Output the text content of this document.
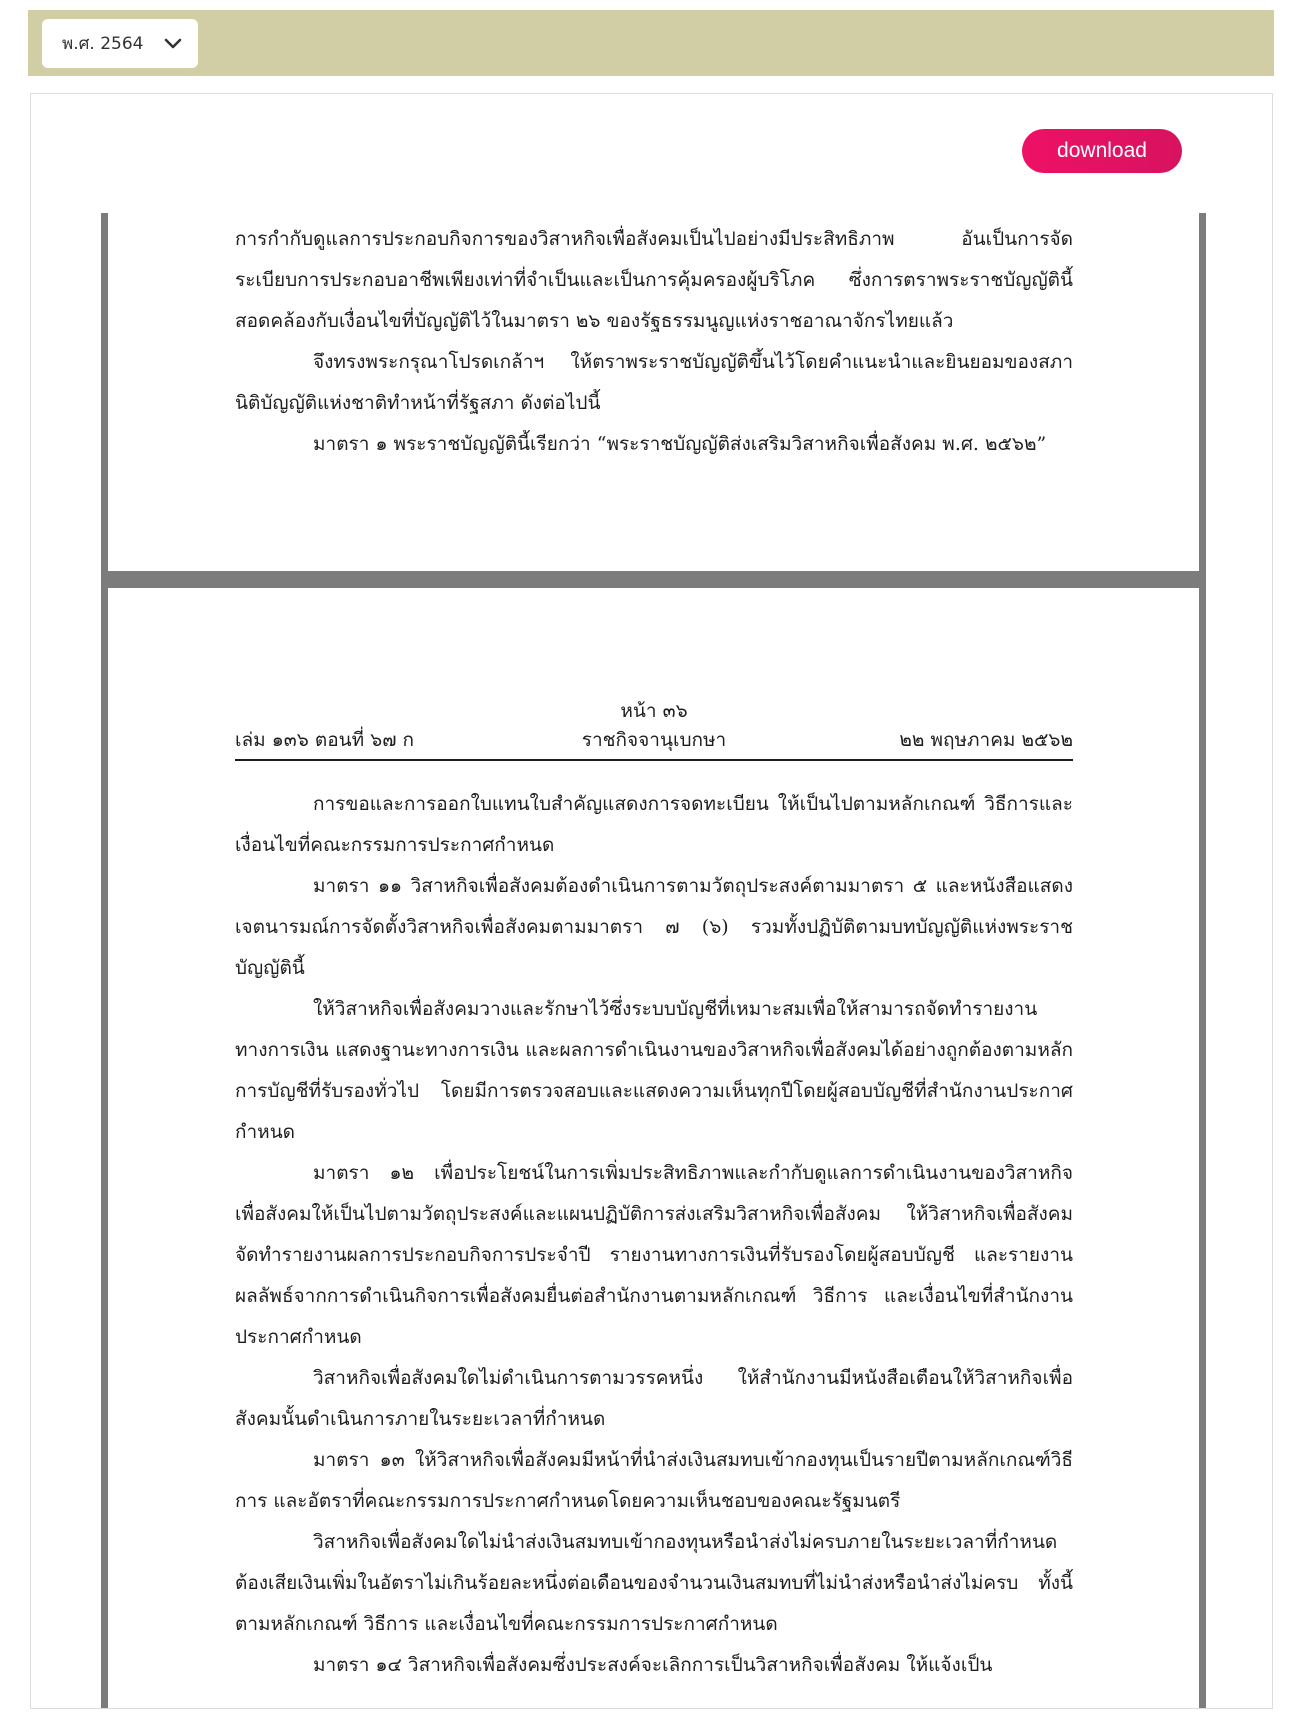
พ.ศ. 2564
download

การกำกับดูแลการประกอบกิจการของวิสาหกิจเพื่อสังคมเป็นไปอย่างมีประสิทธิภาพ อันเป็นการจัดระเบียบการประกอบอาชีพเพียงเท่าที่จำเป็นและเป็นการคุ้มครองผู้บริโภค ซึ่งการตราพระราชบัญญัตินี้สอดคล้องกับเงื่อนไขที่บัญญัติไว้ในมาตรา ๒๖ ของรัฐธรรมนูญแห่งราชอาณาจักรไทยแล้ว

จึงทรงพระกรุณาโปรดเกล้าฯ ให้ตราพระราชบัญญัติขึ้นไว้โดยคำแนะนำและยินยอมของสภานิติบัญญัติแห่งชาติทำหน้าที่รัฐสภา ดังต่อไปนี้

มาตรา ๑ พระราชบัญญัตินี้เรียกว่า “พระราชบัญญัติส่งเสริมวิสาหกิจเพื่อสังคม พ.ศ. ๒๕๖๒”

หน้า ๓๖
เล่ม ๑๓๖ ตอนที่ ๖๗ ก	ราชกิจจานุเบกษา	๒๒ พฤษภาคม ๒๕๖๒

การขอและการออกใบแทนใบสำคัญแสดงการจดทะเบียน ให้เป็นไปตามหลักเกณฑ์ วิธีการและเงื่อนไขที่คณะกรรมการประกาศกำหนด

มาตรา ๑๑ วิสาหกิจเพื่อสังคมต้องดำเนินการตามวัตถุประสงค์ตามมาตรา ๕ และหนังสือแสดงเจตนารมณ์การจัดตั้งวิสาหกิจเพื่อสังคมตามมาตรา ๗ (๖) รวมทั้งปฏิบัติตามบทบัญญัติแห่งพระราชบัญญัตินี้

ให้วิสาหกิจเพื่อสังคมวางและรักษาไว้ซึ่งระบบบัญชีที่เหมาะสมเพื่อให้สามารถจัดทำรายงานทางการเงิน แสดงฐานะทางการเงิน และผลการดำเนินงานของวิสาหกิจเพื่อสังคมได้อย่างถูกต้องตามหลักการบัญชีที่รับรองทั่วไป โดยมีการตรวจสอบและแสดงความเห็นทุกปีโดยผู้สอบบัญชีที่สำนักงานประกาศกำหนด

มาตรา ๑๒ เพื่อประโยชน์ในการเพิ่มประสิทธิภาพและกำกับดูแลการดำเนินงานของวิสาหกิจเพื่อสังคมให้เป็นไปตามวัตถุประสงค์และแผนปฏิบัติการส่งเสริมวิสาหกิจเพื่อสังคม ให้วิสาหกิจเพื่อสังคมจัดทำรายงานผลการประกอบกิจการประจำปี รายงานทางการเงินที่รับรองโดยผู้สอบบัญชี และรายงานผลลัพธ์จากการดำเนินกิจการเพื่อสังคมยื่นต่อสำนักงานตามหลักเกณฑ์ วิธีการ และเงื่อนไขที่สำนักงานประกาศกำหนด

วิสาหกิจเพื่อสังคมใดไม่ดำเนินการตามวรรคหนึ่ง ให้สำนักงานมีหนังสือเตือนให้วิสาหกิจเพื่อสังคมนั้นดำเนินการภายในระยะเวลาที่กำหนด

มาตรา ๑๓ ให้วิสาหกิจเพื่อสังคมมีหน้าที่นำส่งเงินสมทบเข้ากองทุนเป็นรายปีตามหลักเกณฑ์วิธีการ และอัตราที่คณะกรรมการประกาศกำหนดโดยความเห็นชอบของคณะรัฐมนตรี

วิสาหกิจเพื่อสังคมใดไม่นำส่งเงินสมทบเข้ากองทุนหรือนำส่งไม่ครบภายในระยะเวลาที่กำหนดต้องเสียเงินเพิ่มในอัตราไม่เกินร้อยละหนึ่งต่อเดือนของจำนวนเงินสมทบที่ไม่นำส่งหรือนำส่งไม่ครบ ทั้งนี้ตามหลักเกณฑ์ วิธีการ และเงื่อนไขที่คณะกรรมการประกาศกำหนด

มาตรา ๑๔ วิสาหกิจเพื่อสังคมซึ่งประสงค์จะเลิกการเป็นวิสาหกิจเพื่อสังคม ให้แจ้งเป็น
